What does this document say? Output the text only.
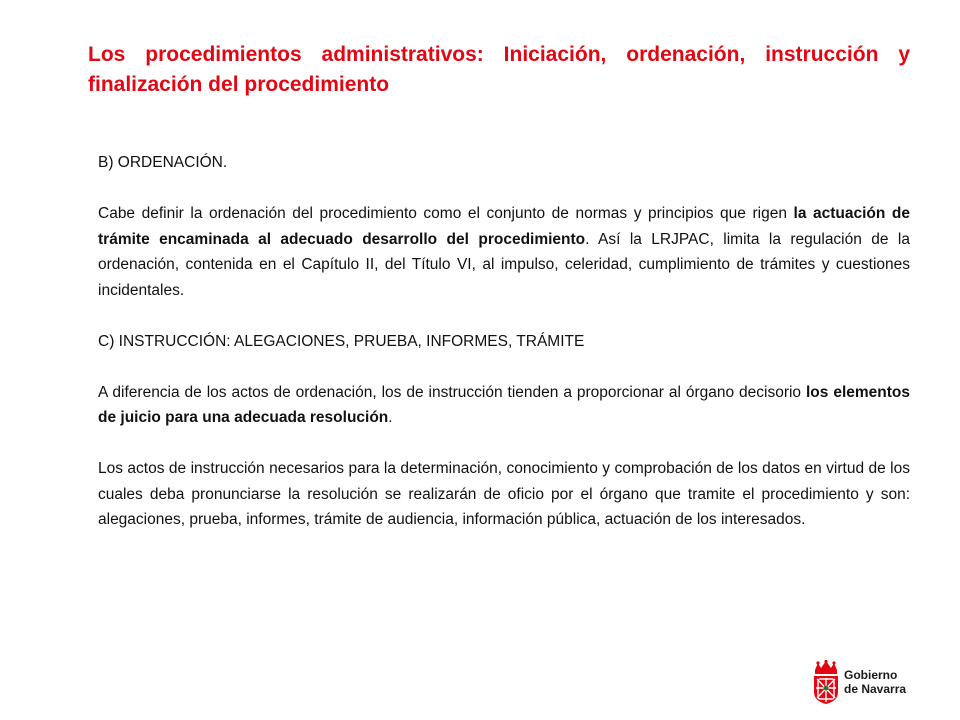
Los procedimientos administrativos: Iniciación, ordenación, instrucción y finalización del procedimiento

B) ORDENACIÓN.

Cabe definir la ordenación del procedimiento como el conjunto de normas y principios que rigen la actuación de trámite encaminada al adecuado desarrollo del procedimiento. Así la LRJPAC, limita la regulación de la ordenación, contenida en el Capítulo II, del Título VI, al impulso, celeridad, cumplimiento de trámites y cuestiones incidentales.

C) INSTRUCCIÓN: ALEGACIONES, PRUEBA, INFORMES, TRÁMITE

A diferencia de los actos de ordenación, los de instrucción tienden a proporcionar al órgano decisorio los elementos de juicio para una adecuada resolución.

Los actos de instrucción necesarios para la determinación, conocimiento y comprobación de los datos en virtud de los cuales deba pronunciarse la resolución se realizarán de oficio por el órgano que tramite el procedimiento y son: alegaciones, prueba, informes, trámite de audiencia, información pública, actuación de los interesados.

Gobierno
de Navarra
